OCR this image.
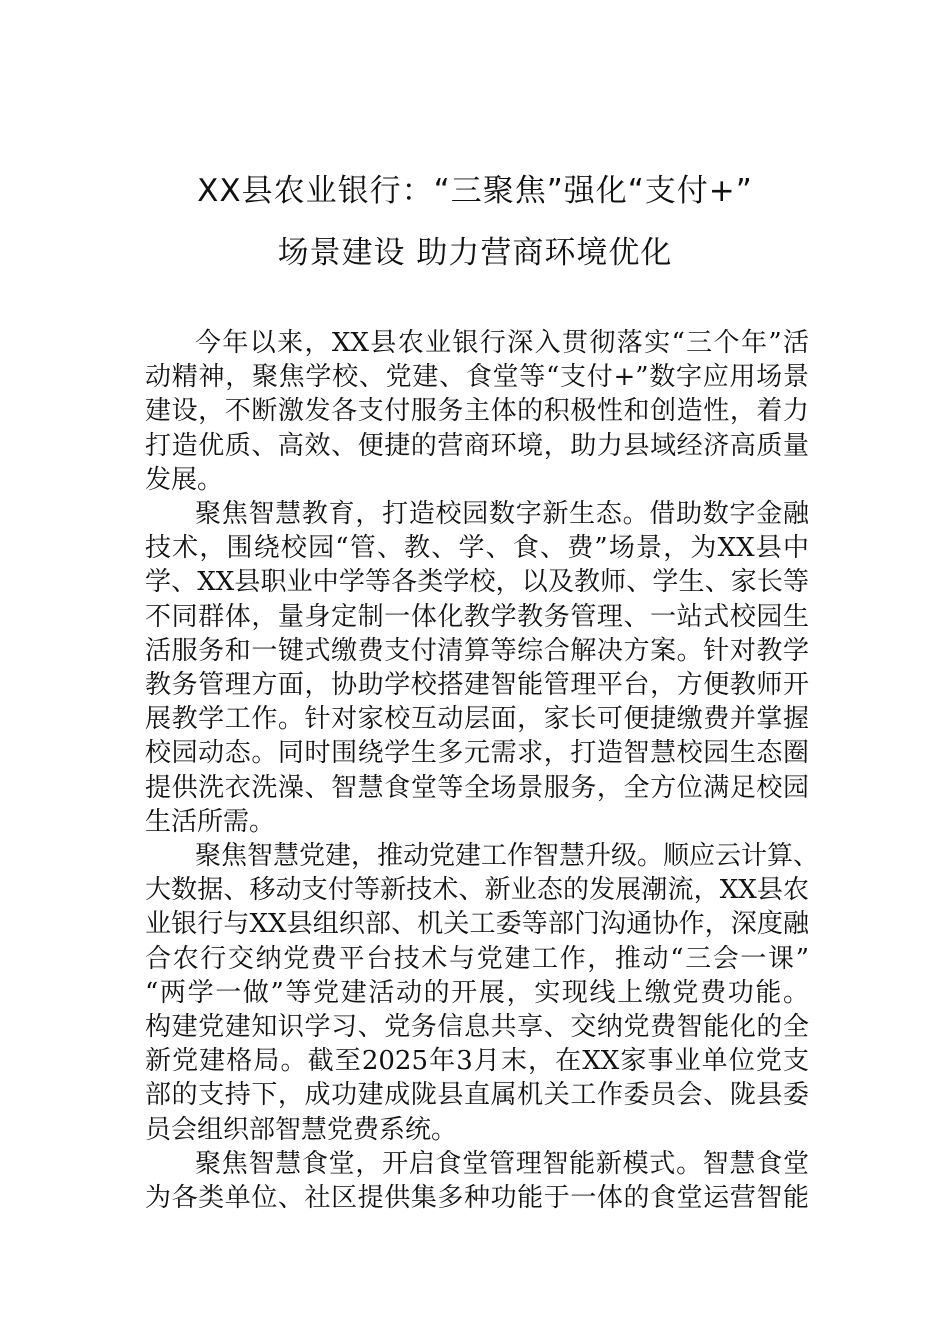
XX县农业银行：“三聚焦”强化“支付+”
场景建设 助力营商环境优化

今年以来，XX县农业银行深入贯彻落实“三个年”活
动精神，聚焦学校、党建、食堂等“支付+”数字应用场景
建设，不断激发各支付服务主体的积极性和创造性，着力
打造优质、高效、便捷的营商环境，助力县域经济高质量
发展。

聚焦智慧教育，打造校园数字新生态。借助数字金融
技术，围绕校园“管、教、学、食、费”场景，为XX县中
学、XX县职业中学等各类学校，以及教师、学生、家长等
不同群体，量身定制一体化教学教务管理、一站式校园生
活服务和一键式缴费支付清算等综合解决方案。针对教学
教务管理方面，协助学校搭建智能管理平台，方便教师开
展教学工作。针对家校互动层面，家长可便捷缴费并掌握
校园动态。同时围绕学生多元需求，打造智慧校园生态圈
提供洗衣洗澡、智慧食堂等全场景服务，全方位满足校园
生活所需。

聚焦智慧党建，推动党建工作智慧升级。顺应云计算、
大数据、移动支付等新技术、新业态的发展潮流，XX县农
业银行与XX县组织部、机关工委等部门沟通协作，深度融
合农行交纳党费平台技术与党建工作，推动“三会一课”
“两学一做”等党建活动的开展，实现线上缴党费功能。
构建党建知识学习、党务信息共享、交纳党费智能化的全
新党建格局。截至2025年3月末，在XX家事业单位党支
部的支持下，成功建成陇县直属机关工作委员会、陇县委
员会组织部智慧党费系统。

聚焦智慧食堂，开启食堂管理智能新模式。智慧食堂
为各类单位、社区提供集多种功能于一体的食堂运营智能
